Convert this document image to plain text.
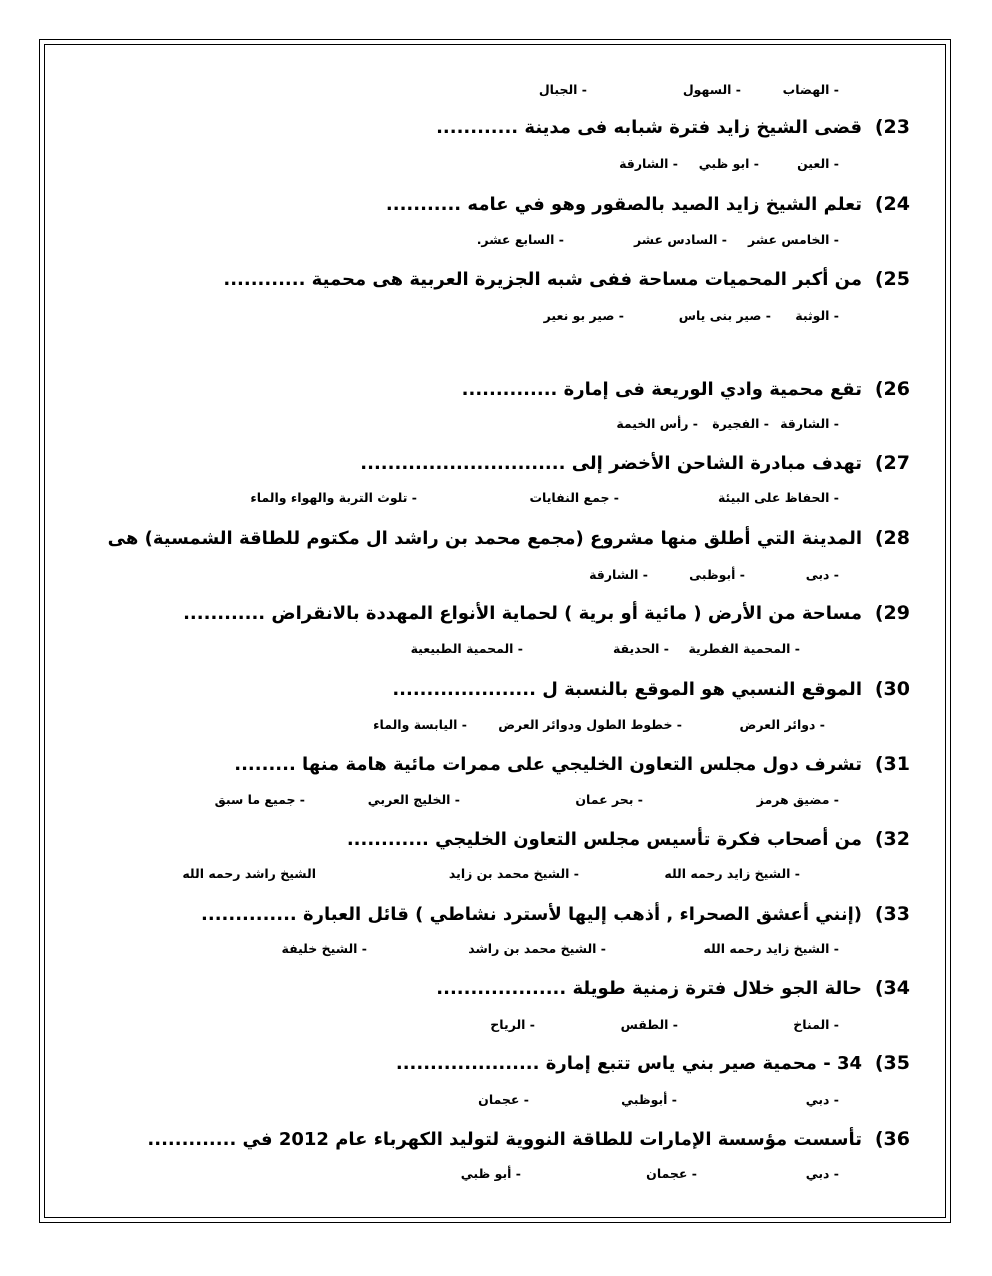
- الهضاب
- السهول
- الجبال
23)
قضى الشيخ زايد فترة شبابه فى مدينة ............
- العين
- ابو ظبي
- الشارقة
24)
تعلم الشيخ زايد الصيد بالصقور وهو في عامه ...........
- الخامس عشر
- السادس عشر
- السابع عشر.
25)
من أكبر المحميات مساحة ففى شبه الجزيرة العربية هى محمية ............
- الوثبة
- صير بنى ياس
- صير بو نعير
26)
تقع محمية وادي الوريعة فى إمارة ..............
- الشارقة
- الفجيرة
- رأس الخيمة
27)
تهدف مبادرة الشاحن الأخضر إلى ..............................
- الحفاظ على البيئة
- جمع النفايات
- تلوث التربة والهواء والماء
28)
المدينة التي أطلق منها مشروع (مجمع محمد بن راشد ال مكتوم للطاقة الشمسية) هى
- دبى
- أبوظبى
- الشارقة
29)
مساحة من الأرض ( مائية أو برية ) لحماية الأنواع المهددة بالانقراض ............
- المحمية الفطرية
- الحديقة
- المحمية الطبيعية
30)
الموقع النسبي هو الموقع بالنسبة ل .....................
- دوائر العرض
- خطوط الطول ودوائر العرض
- اليابسة والماء
31)
تشرف دول مجلس التعاون الخليجي على ممرات مائية هامة منها .........
- مضيق هرمز
- بحر عمان
- الخليج العربي
- جميع ما سبق
32)
من أصحاب فكرة تأسيس مجلس التعاون الخليجي ............
- الشيخ زايد رحمه الله
- الشيخ محمد بن زايد
الشيخ راشد رحمه الله
33)
(إنني أعشق الصحراء , أذهب إليها لأسترد نشاطي ) قائل العبارة ..............
- الشيخ زايد رحمه الله
- الشيخ محمد بن راشد
- الشيخ خليفة
34)
حالة الجو خلال فترة زمنية طويلة ...................
- المناخ
- الطقس
- الرياح
35)
34 - محمية صير بني ياس تتبع إمارة .....................
- دبي
- أبوظبي
- عجمان
36)
تأسست مؤسسة الإمارات للطاقة النووية لتوليد الكهرباء عام 2012 في .............
- دبي
- عجمان
- أبو ظبي
